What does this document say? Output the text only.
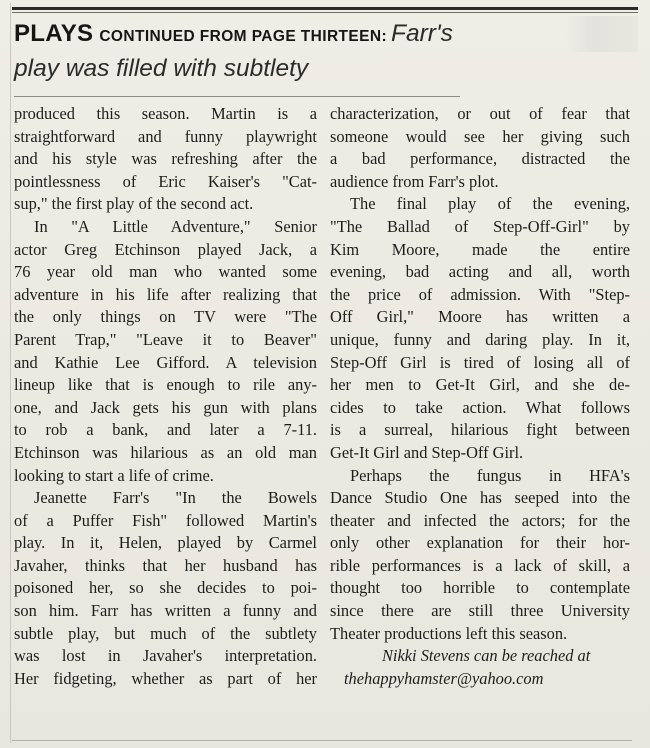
PLAYS CONTINUED FROM PAGE THIRTEEN: Farr's
play was filled with subtlety
produced this season. Martin is a
straightforward and funny playwright
and his style was refreshing after the
pointlessness of Eric Kaiser's "Cat-
sup," the first play of the second act.
In "A Little Adventure," Senior
actor Greg Etchinson played Jack, a
76 year old man who wanted some
adventure in his life after realizing that
the only things on TV were "The
Parent Trap," "Leave it to Beaver"
and Kathie Lee Gifford. A television
lineup like that is enough to rile any-
one, and Jack gets his gun with plans
to rob a bank, and later a 7-11.
Etchinson was hilarious as an old man
looking to start a life of crime.
Jeanette Farr's "In the Bowels
of a Puffer Fish" followed Martin's
play. In it, Helen, played by Carmel
Javaher, thinks that her husband has
poisoned her, so she decides to poi-
son him. Farr has written a funny and
subtle play, but much of the subtlety
was lost in Javaher's interpretation.
Her fidgeting, whether as part of her
characterization, or out of fear that
someone would see her giving such
a bad performance, distracted the
audience from Farr's plot.
The final play of the evening,
"The Ballad of Step-Off-Girl" by
Kim Moore, made the entire
evening, bad acting and all, worth
the price of admission. With "Step-
Off Girl," Moore has written a
unique, funny and daring play. In it,
Step-Off Girl is tired of losing all of
her men to Get-It Girl, and she de-
cides to take action. What follows
is a surreal, hilarious fight between
Get-It Girl and Step-Off Girl.
Perhaps the fungus in HFA's
Dance Studio One has seeped into the
theater and infected the actors; for the
only other explanation for their hor-
rible performances is a lack of skill, a
thought too horrible to contemplate
since there are still three University
Theater productions left this season.
Nikki Stevens can be reached at
thehappyhamster@yahoo.com
